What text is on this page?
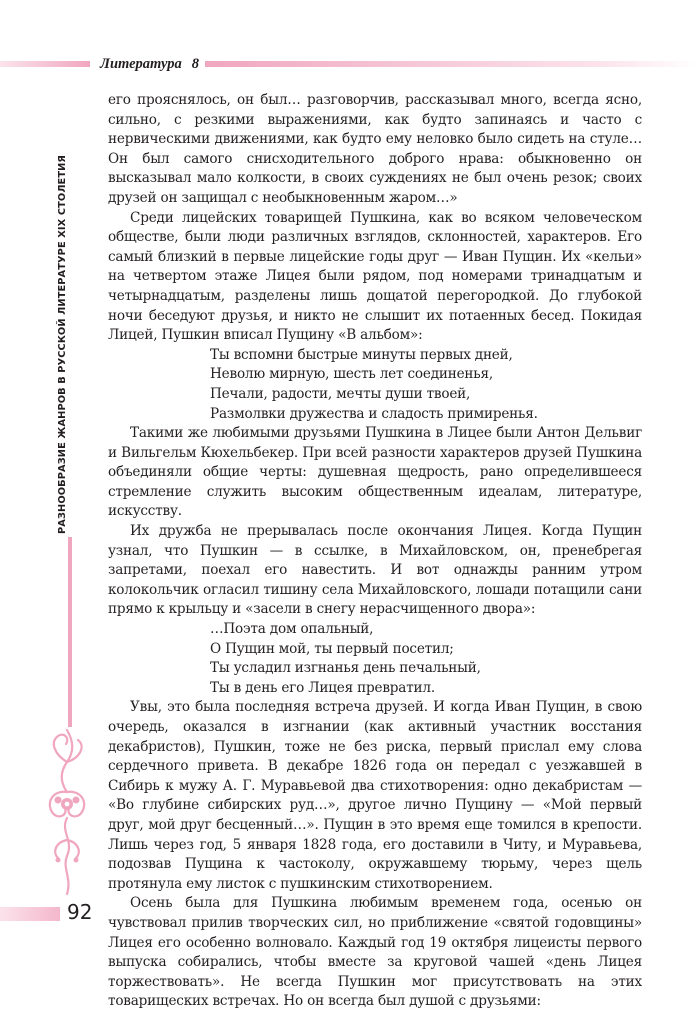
Литература 8
РАЗНООБРАЗИЕ ЖАНРОВ В РУССКОЙ ЛИТЕРАТУРЕ XIX СТОЛЕТИЯ
92

его прояснялось, он был… разговорчив, рассказывал много, всегда ясно, сильно, с резкими выражениями, как будто запинаясь и часто с нервическими движениями, как будто ему неловко было сидеть на стуле… Он был самого снисходительного доброго нрава: обыкновенно он высказывал мало колкости, в своих суждениях не был очень резок; своих друзей он защищал с необыкновенным жаром…»

Среди лицейских товарищей Пушкина, как во всяком человеческом обществе, были люди различных взглядов, склонностей, характеров. Его самый близкий в первые лицейские годы друг — Иван Пущин. Их «кельи» на четвертом этаже Лицея были рядом, под номерами тринадцатым и четырнадцатым, разделены лишь дощатой перегородкой. До глубокой ночи беседуют друзья, и никто не слышит их потаенных бесед. Покидая Лицей, Пушкин вписал Пущину «В альбом»:

Ты вспомни быстрые минуты первых дней,
Неволю мирную, шесть лет соединенья,
Печали, радости, мечты души твоей,
Размолвки дружества и сладость примиренья.

Такими же любимыми друзьями Пушкина в Лицее были Антон Дельвиг и Вильгельм Кюхельбекер. При всей разности характеров друзей Пушкина объединяли общие черты: душевная щедрость, рано определившееся стремление служить высоким общественным идеалам, литературе, искусству.

Их дружба не прерывалась после окончания Лицея. Когда Пущин узнал, что Пушкин — в ссылке, в Михайловском, он, пренебрегая запретами, поехал его навестить. И вот однажды ранним утром колокольчик огласил тишину села Михайловского, лошади потащили сани прямо к крыльцу и «засели в снегу нерасчищенного двора»:

…Поэта дом опальный,
О Пущин мой, ты первый посетил;
Ты усладил изгнанья день печальный,
Ты в день его Лицея превратил.

Увы, это была последняя встреча друзей. И когда Иван Пущин, в свою очередь, оказался в изгнании (как активный участник восстания декабристов), Пушкин, тоже не без риска, первый прислал ему слова сердечного привета. В декабре 1826 года он передал с уезжавшей в Сибирь к мужу А. Г. Муравьевой два стихотворения: одно декабристам — «Во глубине сибирских руд…», другое лично Пущину — «Мой первый друг, мой друг бесценный…». Пущин в это время еще томился в крепости. Лишь через год, 5 января 1828 года, его доставили в Читу, и Муравьева, подозвав Пущина к частоколу, окружавшему тюрьму, через щель протянула ему листок с пушкинским стихотворением.

Осень была для Пушкина любимым временем года, осенью он чувствовал прилив творческих сил, но приближение «святой годовщины» Лицея его особенно волновало. Каждый год 19 октября лицеисты первого выпуска собирались, чтобы вместе за круговой чашей «день Лицея торжествовать». Не всегда Пушкин мог присутствовать на этих товарищеских встречах. Но он всегда был душой с друзьями:
